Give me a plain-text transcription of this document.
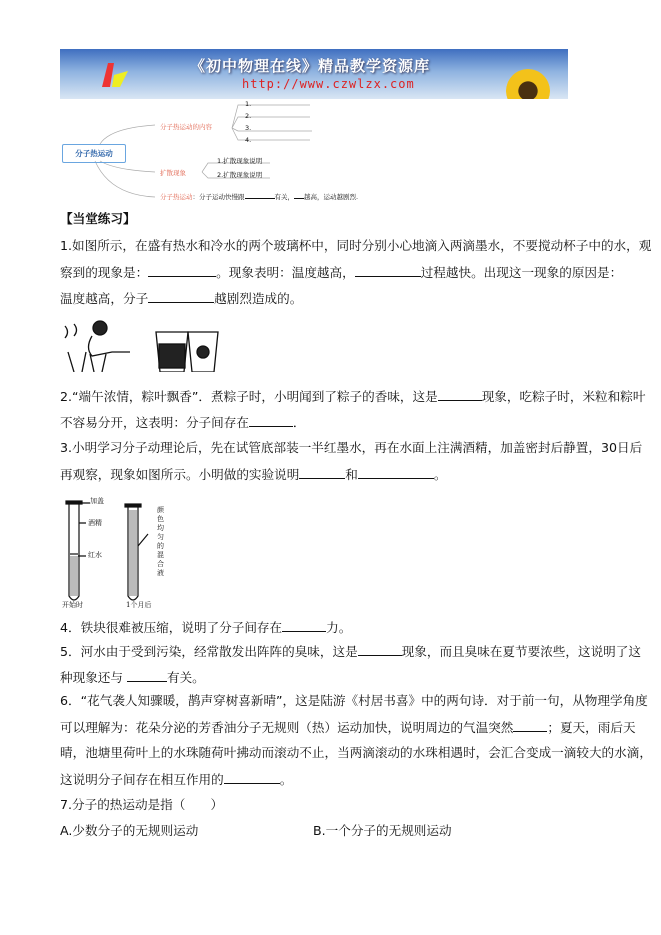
《初中物理在线》精品教学资源库
http://www.czwlzx.com
分子热运动
分子热运动的内容
1.
2.
3.
4.
扩散现象
1.扩散现象说明
2.扩散现象说明
分子热运动：分子运动快慢跟	有关， 越高，运动越剧烈.
【当堂练习】
1.如图所示，在盛有热水和冷水的两个玻璃杯中，同时分别小心地滴入两滴墨水，不要搅动杯子中的水，观
察到的现象是：	。现象表明：温度越高，	过程越快。出现这一现象的原因是：
温度越高，分子	越剧烈造成的。
2.“端午浓情，粽叶飘香”．煮粽子时，小明闻到了粽子的香味，这是	现象，吃粽子时，米粒和粽叶
不容易分开，这表明：分子间存在	．
3.小明学习分子动理论后，先在试管底部装一半红墨水，再在水面上注满酒精，加盖密封后静置，30日后
再观察，现象如图所示。小明做的实验说明	和	。
加盖
酒精
红水
开始时
颜色均匀的混合液
1个月后
4．铁块很难被压缩，说明了分子间存在	力。
5．河水由于受到污染，经常散发出阵阵的臭味，这是	现象，而且臭味在夏节要浓些，这说明了这
种现象还与	有关。
6．“花气袭人知骤暖，鹊声穿树喜新晴”，这是陆游《村居书喜》中的两句诗．对于前一句，从物理学角度
可以理解为：花朵分泌的芳香油分子无规则（热）运动加快，说明周边的气温突然	；夏天，雨后天
晴，池塘里荷叶上的水珠随荷叶拂动而滚动不止，当两滴滚动的水珠相遇时，会汇合变成一滴较大的水滴，
这说明分子间存在相互作用的	。
7.分子的热运动是指（　　）
A.少数分子的无规则运动	B.一个分子的无规则运动
